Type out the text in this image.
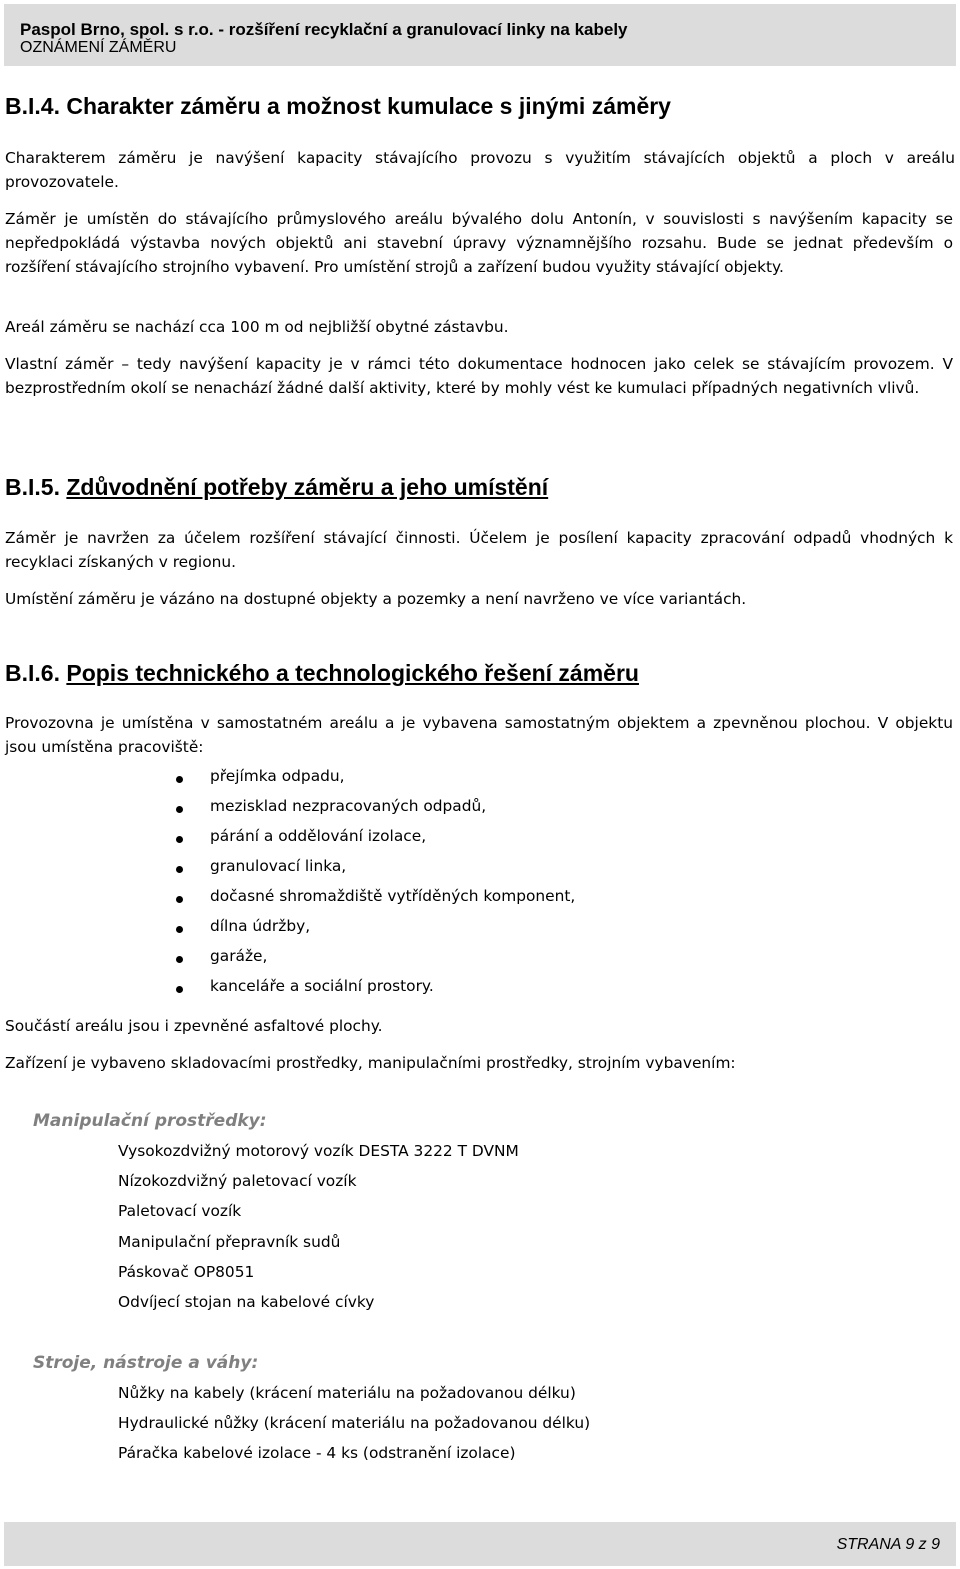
Paspol Brno, spol. s r.o. - rozšíření recyklační a granulovací linky na kabely
OZNÁMENÍ ZÁMĚRU
B.I.4. Charakter záměru a možnost kumulace s jinými záměry
Charakterem záměru je navýšení kapacity stávajícího provozu s využitím stávajících objektů a ploch v areálu provozovatele.
Záměr je umístěn do stávajícího průmyslového areálu bývalého dolu Antonín, v souvislosti s navýšením kapacity se nepředpokládá výstavba nových objektů ani stavební úpravy významnějšího rozsahu. Bude se jednat především o rozšíření stávajícího strojního vybavení. Pro umístění strojů a zařízení budou využity stávající objekty.
Areál záměru se nachází cca 100 m od nejbližší obytné zástavbu.
Vlastní záměr – tedy navýšení kapacity je v rámci této dokumentace hodnocen jako celek se stávajícím provozem. V bezprostředním okolí se nenachází žádné další aktivity, které by mohly vést ke kumulaci případných negativních vlivů.
B.I.5. Zdůvodnění potřeby záměru a jeho umístění
Záměr je navržen za účelem rozšíření stávající činnosti. Účelem je posílení kapacity zpracování odpadů vhodných k recyklaci získaných v regionu.
Umístění záměru je vázáno na dostupné objekty a pozemky a není navrženo ve více variantách.
B.I.6. Popis technického a technologického řešení záměru
Provozovna je umístěna v samostatném areálu a je vybavena samostatným objektem a zpevněnou plochou. V objektu jsou umístěna pracoviště:
přejímka odpadu,
mezisklad nezpracovaných odpadů,
párání a oddělování izolace,
granulovací linka,
dočasné shromaždiště vytříděných komponent,
dílna údržby,
garáže,
kanceláře a sociální prostory.
Součástí areálu jsou i zpevněné asfaltové plochy.
Zařízení je vybaveno skladovacími prostředky, manipulačními prostředky, strojním vybavením:
Manipulační prostředky:
Vysokozdvižný motorový vozík DESTA 3222 T DVNM
Nízokozdvižný paletovací vozík
Paletovací vozík
Manipulační přepravník sudů
Páskovač OP8051
Odvíjecí stojan na kabelové cívky
Stroje, nástroje a váhy:
Nůžky na kabely (krácení materiálu na požadovanou délku)
Hydraulické nůžky (krácení materiálu na požadovanou délku)
Páračka kabelové izolace - 4 ks (odstranění izolace)
STRANA 9 z 9
